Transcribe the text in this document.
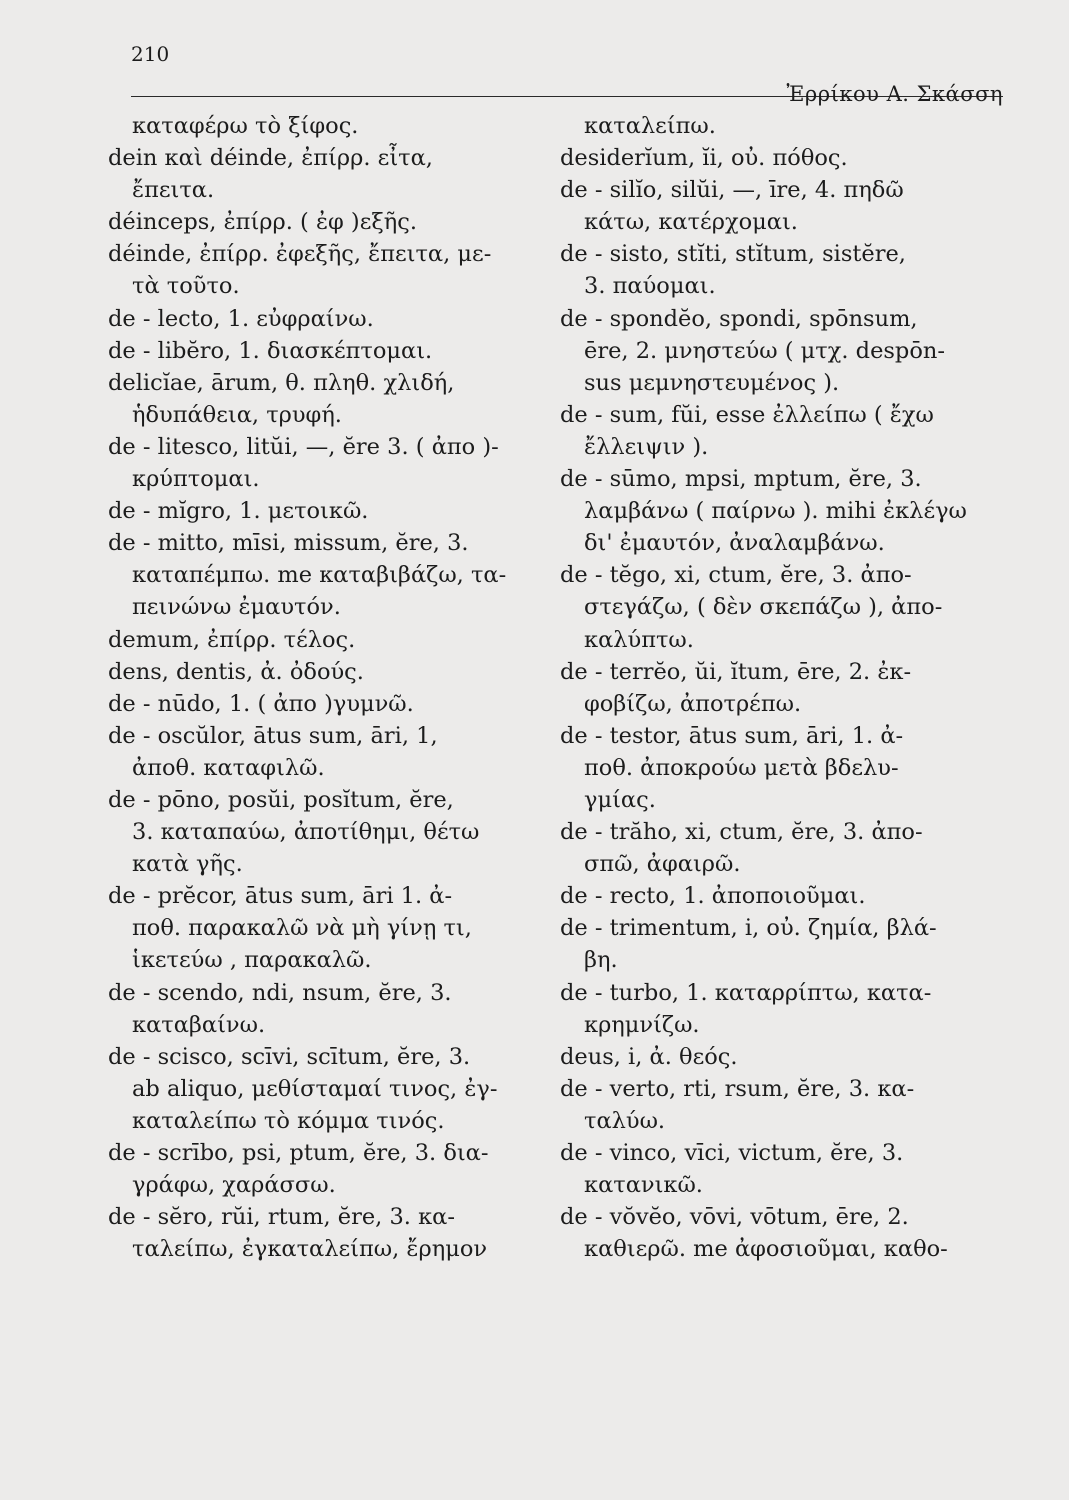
210
Ἐρρίκου Α. Σκάσση
καταφέρω τὸ ξίφος.
dein καὶ déinde, ἐπίρρ. εἶτα,
ἔπειτα.
déinceps, ἐπίρρ. ( ἐφ )εξῆς.
déinde, ἐπίρρ. ἐφεξῆς, ἔπειτα, με-
τὰ τοῦτο.
de - lecto, 1. εὐφραίνω.
de - libĕro, 1. διασκέπτομαι.
delicĭae, ārum, θ. πληθ. χλιδή,
ἡδυπάθεια, τρυφή.
de - litesco, litŭi, —, ĕre 3. ( ἀπο )-
κρύπτομαι.
de - mĭgro, 1. μετοικῶ.
de - mitto, mīsi, missum, ĕre, 3.
καταπέμπω. me καταβιβάζω, τα-
πεινώνω ἐμαυτόν.
demum, ἐπίρρ. τέλος.
dens, dentis, ἀ. ὀδούς.
de - nūdo, 1. ( ἀπο )γυμνῶ.
de - oscŭlor, ātus sum, āri, 1,
ἀποθ. καταφιλῶ.
de - pōno, posŭi, posĭtum, ĕre,
3. καταπαύω, ἀποτίθημι, θέτω
κατὰ γῆς.
de - prĕcor, ātus sum, āri 1. ἀ-
ποθ. παρακαλῶ νὰ μὴ γίνῃ τι,
ἱκετεύω , παρακαλῶ.
de - scendo, ndi, nsum, ĕre, 3.
καταβαίνω.
de - scisco, scīvi, scītum, ĕre, 3.
ab aliquo, μεθίσταμαί τινος, ἐγ-
καταλείπω τὸ κόμμα τινός.
de - scrībo, psi, ptum, ĕre, 3. δια-
γράφω, χαράσσω.
de - sĕro, rŭi, rtum, ĕre, 3. κα-
ταλείπω, ἐγκαταλείπω, ἔρημον
καταλείπω.
desiderĭum, ĭi, οὐ. πόθος.
de - silĭo, silŭi, —, īre, 4. πηδῶ
κάτω, κατέρχομαι.
de - sisto, stĭti, stĭtum, sistĕre,
3. παύομαι.
de - spondĕo, spondi, spōnsum,
ēre, 2. μνηστεύω ( μτχ. despōn-
sus μεμνηστευμένος ).
de - sum, fŭi, esse ἐλλείπω ( ἔχω
ἔλλειψιν ).
de - sūmo, mpsi, mptum, ĕre, 3.
λαμβάνω ( παίρνω ). mihi ἐκλέγω
δι' ἐμαυτόν, ἀναλαμβάνω.
de - tĕgo, xi, ctum, ĕre, 3. ἀπο-
στεγάζω, ( δὲν σκεπάζω ), ἀπο-
καλύπτω.
de - terrĕo, ŭi, ĭtum, ēre, 2. ἐκ-
φοβίζω, ἀποτρέπω.
de - testor, ātus sum, āri, 1. ἀ-
ποθ. ἀποκρούω μετὰ βδελυ-
γμίας.
de - trăho, xi, ctum, ĕre, 3. ἀπο-
σπῶ, ἀφαιρῶ.
de - recto, 1. ἀποποιοῦμαι.
de - trimentum, i, οὐ. ζημία, βλά-
βη.
de - turbo, 1. καταρρίπτω, κατα-
κρημνίζω.
deus, i, ἀ. θεός.
de - verto, rti, rsum, ĕre, 3. κα-
ταλύω.
de - vinco, vīci, victum, ĕre, 3.
κατανικῶ.
de - vŏvĕo, vōvi, vōtum, ēre, 2.
καθιερῶ. me ἀφοσιοῦμαι, καθο-
